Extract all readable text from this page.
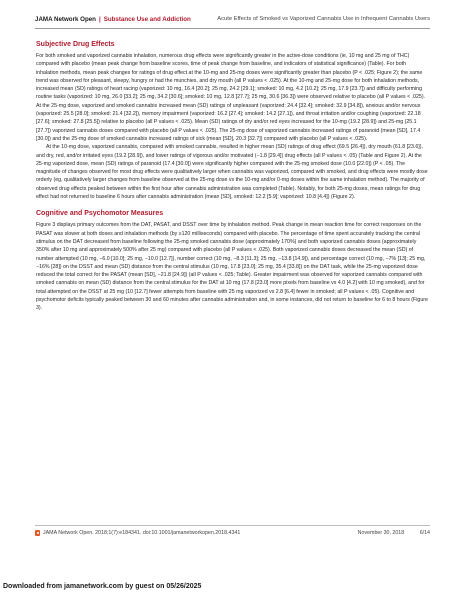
JAMA Network Open | Substance Use and Addiction	Acute Effects of Smoked vs Vaporized Cannabis Use in Infrequent Cannabis Users
Subjective Drug Effects

For both smoked and vaporized cannabis inhalation, numerous drug effects were significantly greater in the active-dose conditions (ie, 10 mg and 25 mg of THC) compared with placebo (mean peak change from baseline scores, time of peak change from baseline, and indicators of statistical significance) (Table). For both inhalation methods, mean peak changes for ratings of drug effect at the 10-mg and 25-mg doses were significantly greater than placebo (P < .025; Figure 2); the same trend was observed for pleasant, sleepy, hungry or had the munchies, and dry mouth (all P values < .025). At the 10-mg and 25-mg dose for both inhalation methods, increased mean (SD) ratings of heart racing (vaporized: 10 mg, 16.4 [20.2]; 25 mg, 24.2 [29.1]; smoked: 10 mg, 4.2 [10.2]; 25 mg, 17.9 [23.7]) and difficulty performing routine tasks (vaporized: 10 mg, 26.0 [33.2]; 25 mg, 34.2 [30.6]; smoked: 10 mg, 12.8 [27.7]; 25 mg, 30.6 [36.3]) were observed relative to placebo (all P values < .025). At the 25-mg dose, vaporized and smoked cannabis increased mean (SD) ratings of unpleasant (vaporized: 24.4 [32.4]; smoked: 32.9 [34.8]), anxious and/or nervous (vaporized: 25.5 [28.0]; smoked: 21.4 [32.2]), memory impairment (vaporized: 16.2 [27.4]; smoked: 14.2 [27.1]), and throat irritation and/or coughing (vaporized: 22.18 [27.6]; smoked: 27.8 [25.5]) relative to placebo (all P values < .025). Mean (SD) ratings of dry and/or red eyes increased for the 10-mg (19.2 [28.9]) and 25-mg (25.1 [27.7]) vaporized cannabis doses compared with placebo (all P values < .025). The 25-mg dose of vaporized cannabis increased ratings of paranoid (mean [SD], 17.4 [30.0]) and the 25-mg dose of smoked cannabis increased ratings of sick (mean [SD], 20.3 [32.7]) compared with placebo (all P values < .025).

At the 10-mg dose, vaporized cannabis, compared with smoked cannabis, resulted in higher mean (SD) ratings of drug effect (69.5 [26.4]), dry mouth (61.8 [23.6]), and dry, red, and/or irritated eyes (19.2 [28.9]), and lower ratings of vigorous and/or motivated (−1.8 [29.4]) drug effects (all P values < .05) (Table and Figure 2). At the 25-mg vaporized dose, mean (SD) ratings of paranoid (17.4 [30.0]) were significantly higher compared with the 25-mg smoked dose (10.0 [22.0]) (P < .05). The magnitude of changes observed for most drug effects were qualitatively larger when cannabis was vaporized, compared with smoked, and drug effects were mostly dose orderly (eg, qualitatively larger changes from baseline observed at the 25-mg dose vs the 10-mg and/or 0-mg doses within the same inhalation method). The majority of observed drug effects peaked between within the first hour after cannabis administration was completed (Table). Notably, for both 25-mg doses, mean ratings for drug effect had not returned to baseline 6 hours after cannabis administration (mean [SD], smoked: 12.2 [5.9]; vaporized: 10.8 [4.4]) (Figure 2).

Cognitive and Psychomotor Measures

Figure 3 displays primary outcomes from the DAT, PASAT, and DSST over time by inhalation method. Peak change in mean reaction time for correct responses on the PASAT was slower at both doses and inhalation methods (by ≥120 milliseconds) compared with placebo. The percentage of time spent accurately tracking the central stimulus on the DAT decreased from baseline following the 25-mg smoked cannabis dose (approximately 170%) and both vaporized cannabis doses (approximately 350% after 10 mg and approximately 500% after 25 mg) compared with placebo (all P values < .025). Both vaporized cannabis doses decreased the mean (SD) of number attempted (10 mg, −6.0 [10.0]; 25 mg, −10.0 [12.7]), number correct (10 mg, −8.3 [11.3]; 25 mg, −13.8 [14.9]), and percentage correct (10 mg, −7% [13]; 25 mg, −16% [28]) on the DSST and mean (SD) distance from the central stimulus (10 mg, 17.8 [23.0]; 25 mg, 35.4 [33.8]) on the DAT task, while the 25-mg vaporized dose reduced the total correct for the PASAT (mean [SD], −21.8 [24.9]) (all P values < .025; Table). Greater impairment was observed for vaporized cannabis compared with smoked cannabis on mean (SD) distance from the central stimulus for the DAT at 10 mg (17.8 [23.0] more pixels from baseline vs 4.0 [4.2] with 10 mg smoked), and for total attempted on the DSST at 25 mg (10 [12.7] fewer attempts from baseline with 25 mg vaporized vs 2.8 [6.4] fewer in smoked; all P values < .05). Cognitive and psychomotor deficits typically peaked between 30 and 60 minutes after cannabis administration and, in some instances, did not return to baseline for 6 to 8 hours (Figure 3).

JAMA Network Open. 2018;1(7):e184341. doi:10.1001/jamanetworkopen.2018.4341	November 30, 2018	6/14
Downloaded from jamanetwork.com by guest on 05/26/2025
